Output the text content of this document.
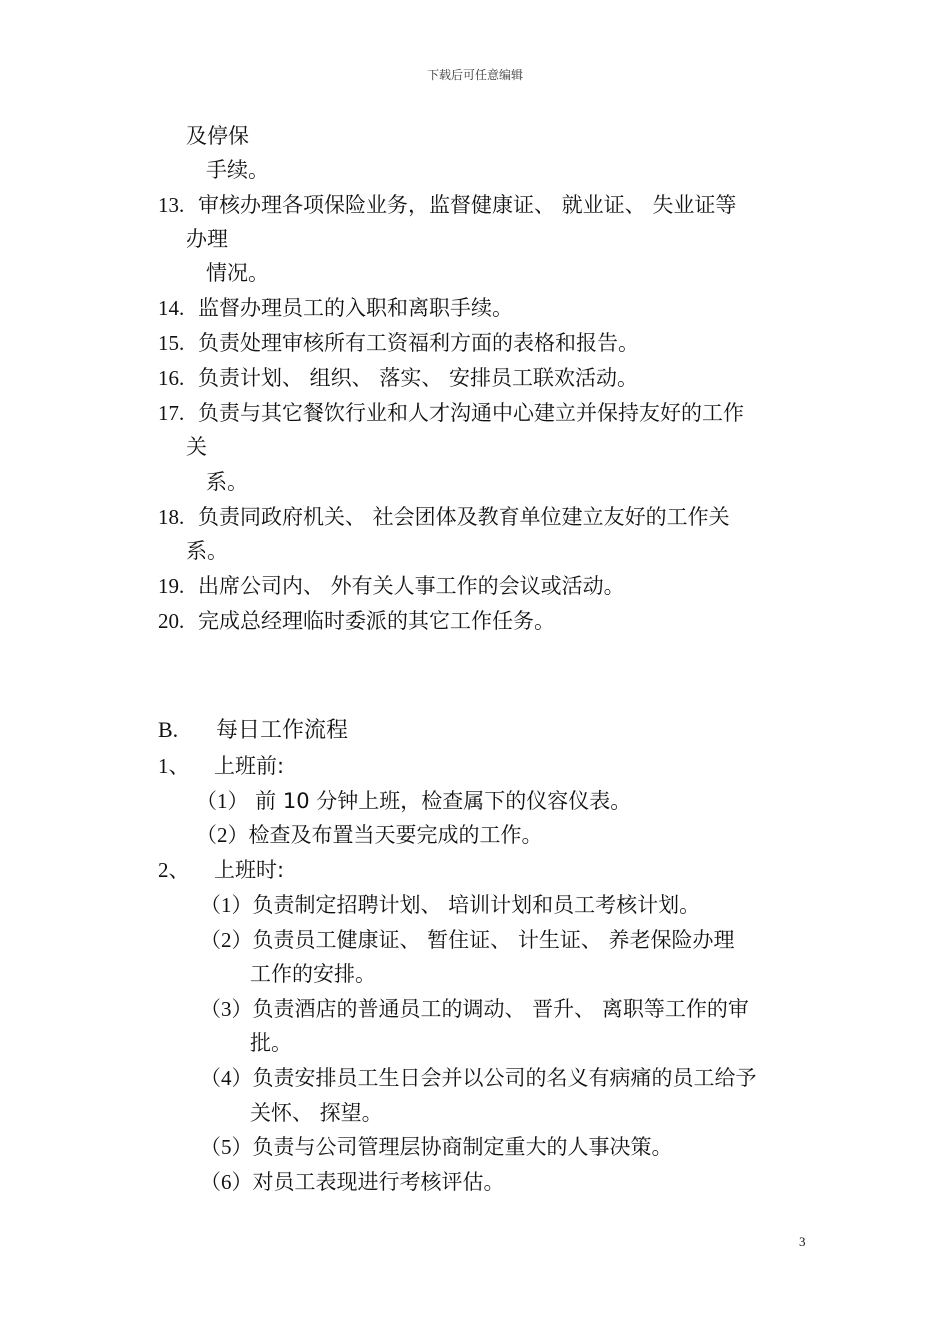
下载后可任意编辑
及停保
手续。
13. 审核办理各项保险业务，监督健康证、 就业证、 失业证等
办理
情况。
14. 监督办理员工的入职和离职手续。
15. 负责处理审核所有工资福利方面的表格和报告。
16. 负责计划、 组织、 落实、 安排员工联欢活动。
17. 负责与其它餐饮行业和人才沟通中心建立并保持友好的工作
关
系。
18. 负责同政府机关、 社会团体及教育单位建立友好的工作关
系。
19. 出席公司内、 外有关人事工作的会议或活动。
20. 完成总经理临时委派的其它工作任务。
B. 每日工作流程
1、 上班前:
（1） 前 10 分钟上班，检查属下的仪容仪表。
（2）检查及布置当天要完成的工作。
2、 上班时:
（1）负责制定招聘计划、 培训计划和员工考核计划。
（2）负责员工健康证、 暂住证、 计生证、 养老保险办理
工作的安排。
（3）负责酒店的普通员工的调动、 晋升、 离职等工作的审
批。
（4）负责安排员工生日会并以公司的名义有病痛的员工给予
关怀、 探望。
（5）负责与公司管理层协商制定重大的人事决策。
（6）对员工表现进行考核评估。
3
